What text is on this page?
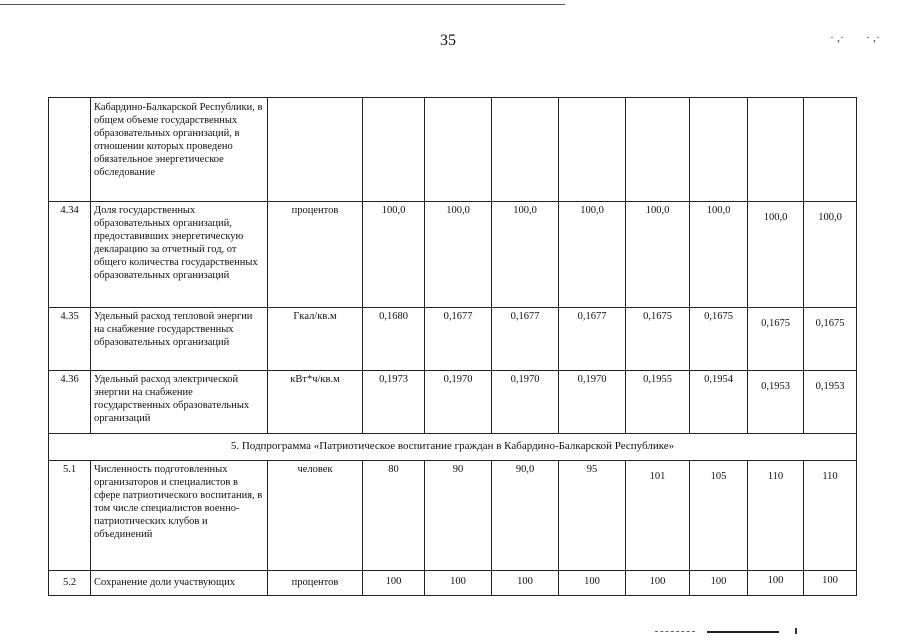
35	· ,· · ,·
	Кабардино-Балкарской Республики, в общем объеме государственных образовательных организаций, в отношении которых проведено обязательное энергетическое обследование									
4.34	Доля государственных образовательных организаций, предоставивших энергетическую декларацию за отчетный год, от общего количества государственных образовательных организаций	процентов	100,0	100,0	100,0	100,0	100,0	100,0	100,0	100,0
4.35	Удельный расход тепловой энергии на снабжение государственных образовательных организаций	Гкал/кв.м	0,1680	0,1677	0,1677	0,1677	0,1675	0,1675	0,1675	0,1675
4.36	Удельный расход электрической энергии на снабжение государственных образовательных организаций	кВт*ч/кв.м	0,1973	0,1970	0,1970	0,1970	0,1955	0,1954	0,1953	0,1953
5. Подпрограмма «Патриотическое воспитание граждан в Кабардино-Балкарской Республике»										
5.1	Численность подготовленных организаторов и специалистов в сфере патриотического воспитания, в том числе специалистов военно-патриотических клубов и объединений	человек	80	90	90,0	95	101	105	110	110
5.2	Сохранение доли участвующих	процентов	100	100	100	100	100	100	100	100
